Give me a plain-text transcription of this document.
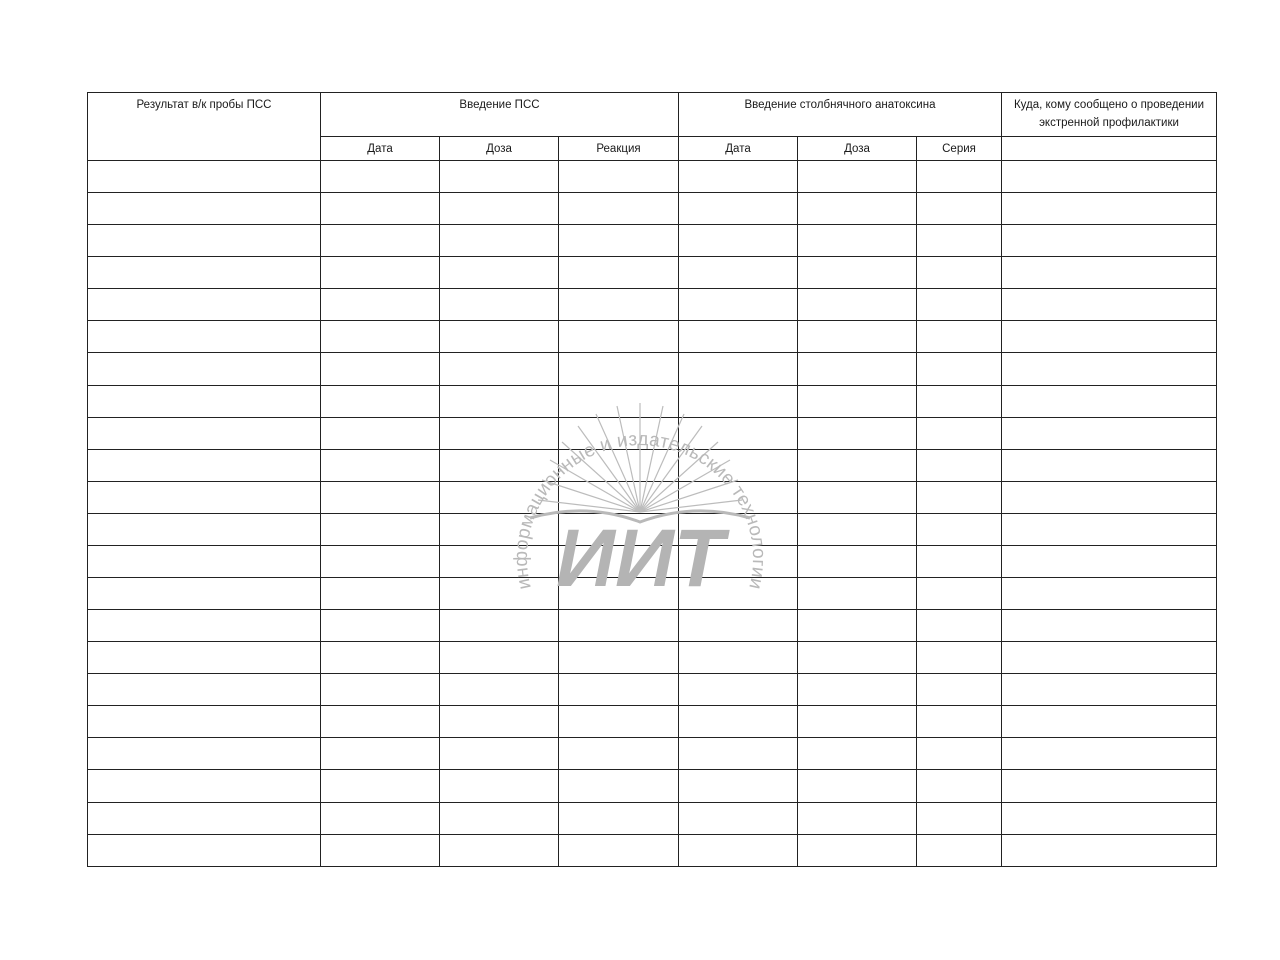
Результат в/к пробы ПСС	Введение ПСС			Введение столбнячного анатоксина			Куда, кому сообщено о проведении экстренной профилактики
	Дата	Доза	Реакция	Дата	Доза	Серия	

информационные и издательские технологии
ИИТ
